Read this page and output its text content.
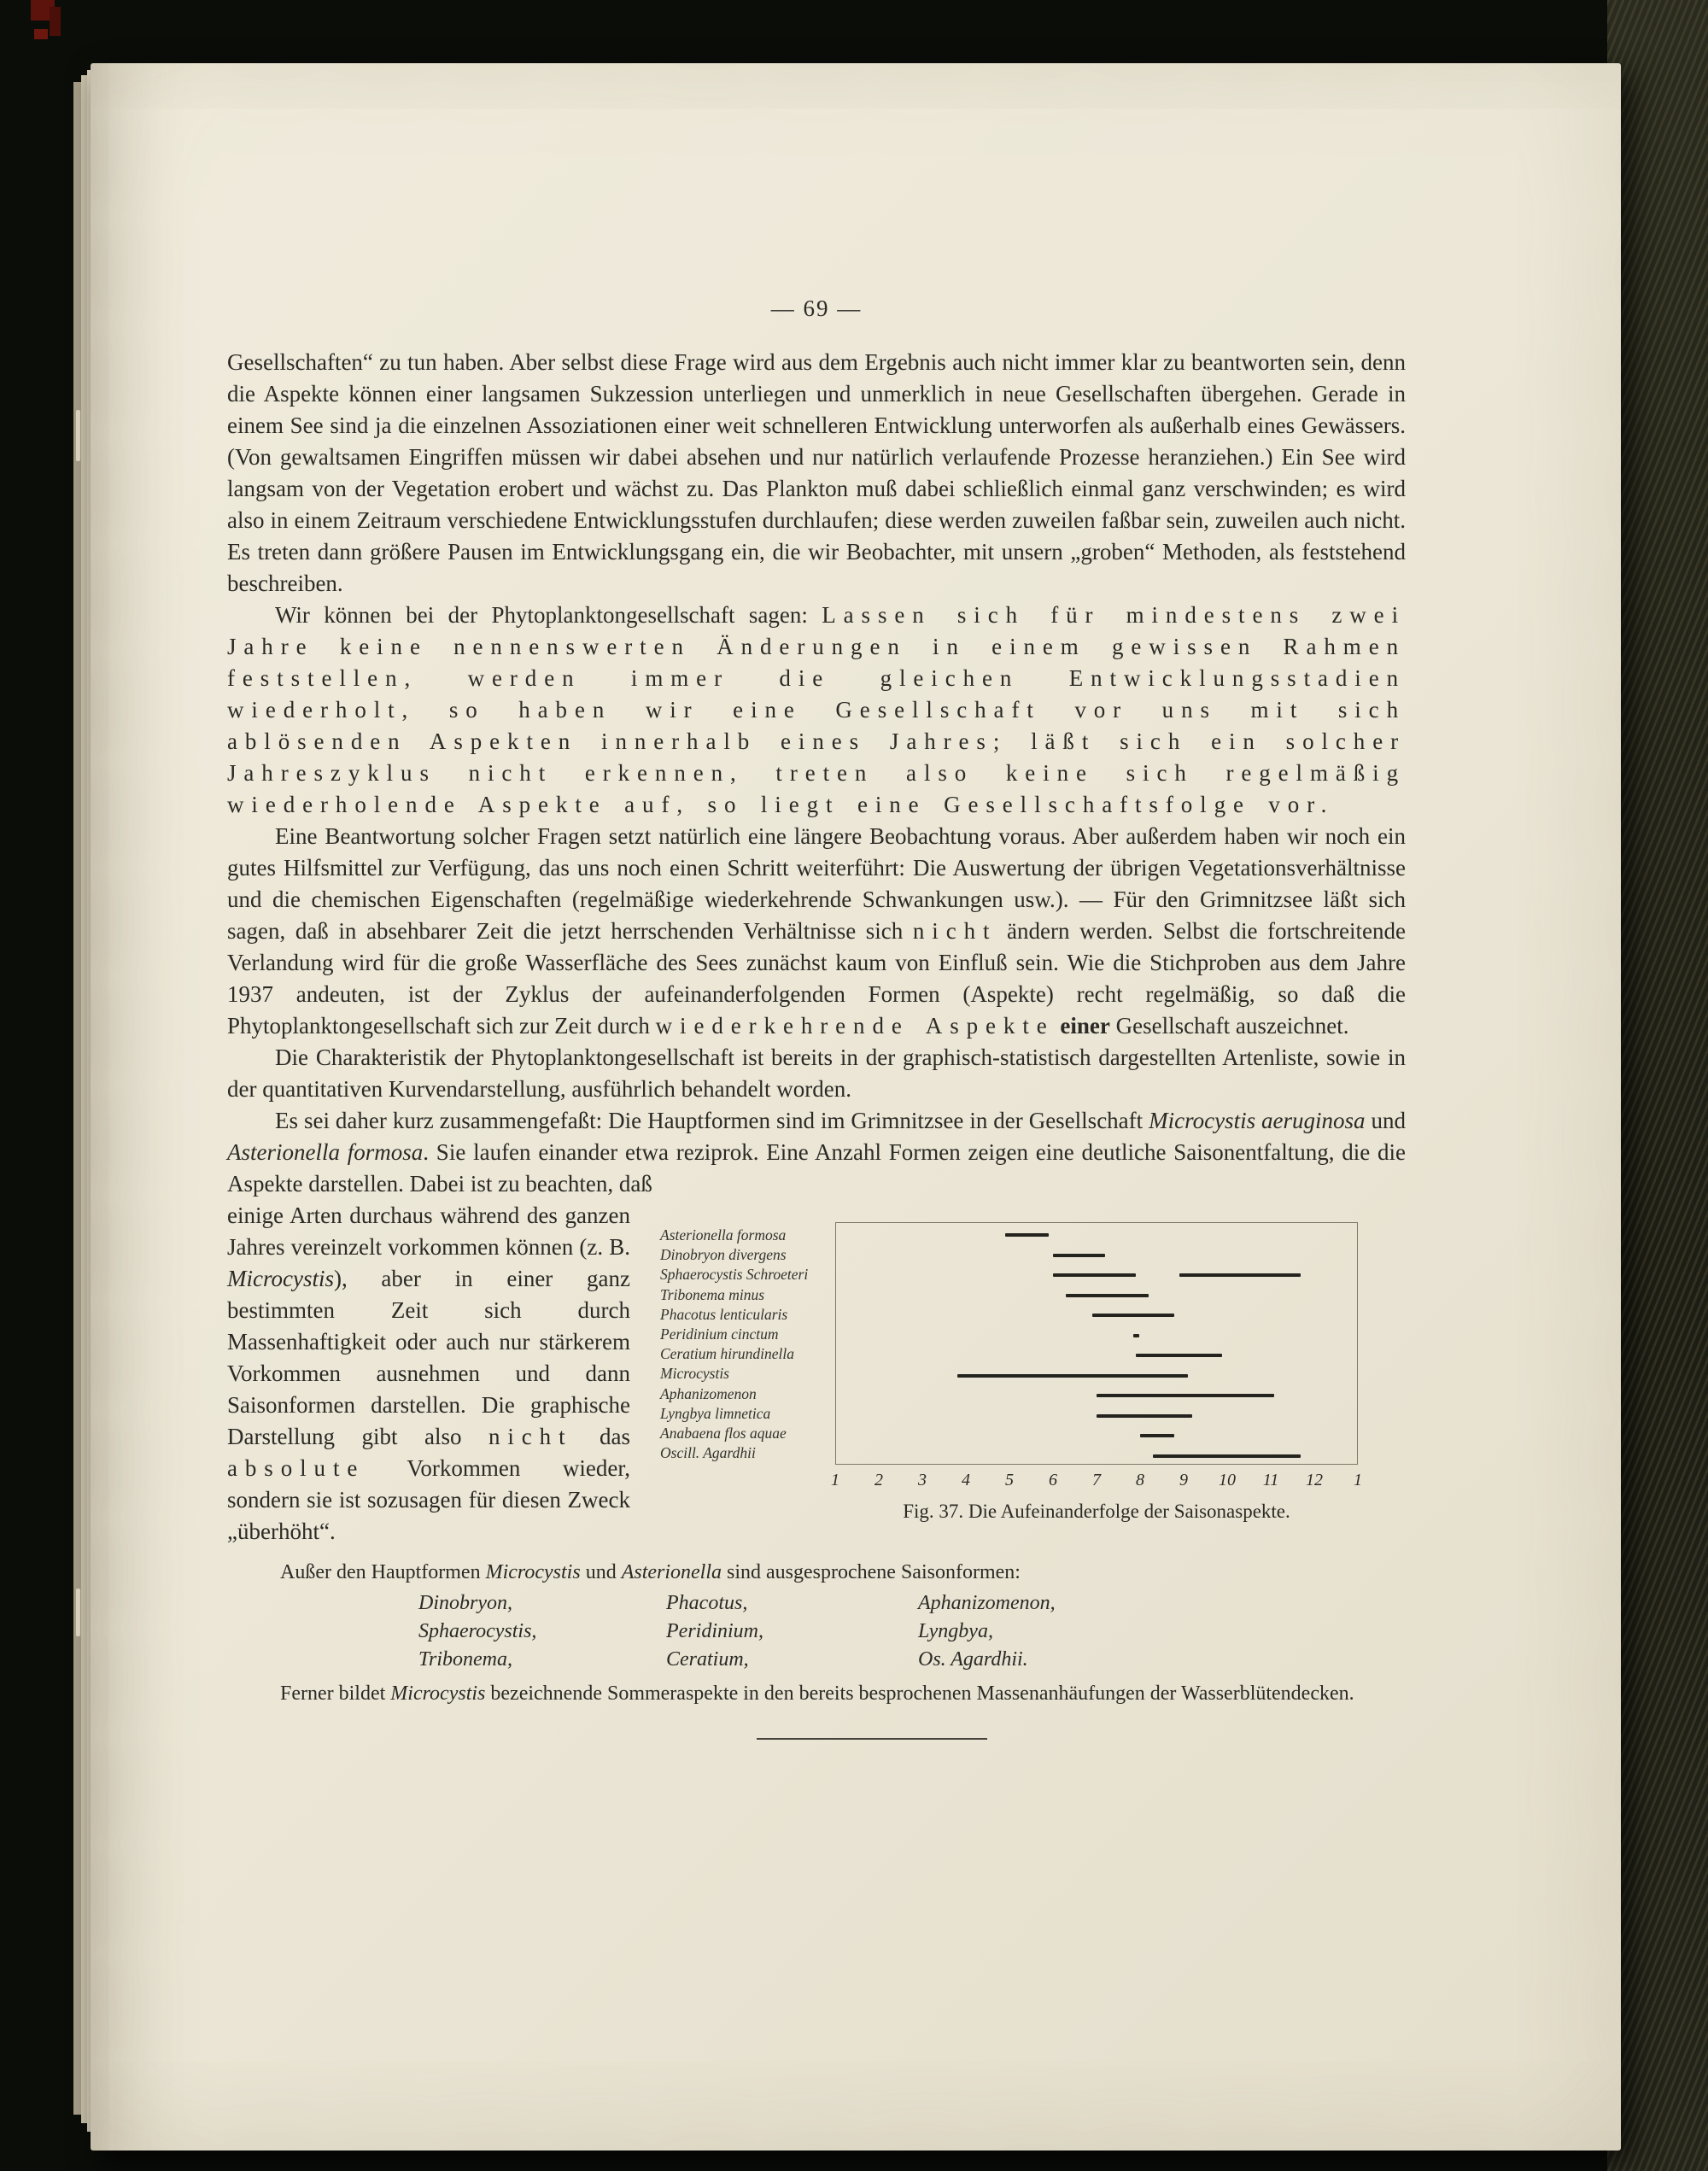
— 69 —

Gesellschaften“ zu tun haben. Aber selbst diese Frage wird aus dem Ergebnis auch nicht immer klar zu beantworten sein, denn die Aspekte können einer langsamen Sukzession unterliegen und unmerklich in neue Gesellschaften übergehen. Gerade in einem See sind ja die einzelnen Assoziationen einer weit schnelleren Entwicklung unterworfen als außerhalb eines Gewässers. (Von gewaltsamen Eingriffen müssen wir dabei absehen und nur natürlich verlaufende Prozesse heranziehen.) Ein See wird langsam von der Vegetation erobert und wächst zu. Das Plankton muß dabei schließlich einmal ganz verschwinden; es wird also in einem Zeitraum verschiedene Entwicklungsstufen durchlaufen; diese werden zuweilen faßbar sein, zuweilen auch nicht. Es treten dann größere Pausen im Entwicklungsgang ein, die wir Beobachter, mit unsern „groben“ Methoden, als feststehend beschreiben.

Wir können bei der Phytoplanktongesellschaft sagen: Lassen sich für mindestens zwei Jahre keine nennenswerten Änderungen in einem gewissen Rahmen feststellen, werden immer die gleichen Entwicklungsstadien wiederholt, so haben wir eine Gesellschaft vor uns mit sich ablösenden Aspekten innerhalb eines Jahres; läßt sich ein solcher Jahreszyklus nicht erkennen, treten also keine sich regelmäßig wiederholende Aspekte auf, so liegt eine Gesellschaftsfolge vor.

Eine Beantwortung solcher Fragen setzt natürlich eine längere Beobachtung voraus. Aber außerdem haben wir noch ein gutes Hilfsmittel zur Verfügung, das uns noch einen Schritt weiterführt: Die Auswertung der übrigen Vegetationsverhältnisse und die chemischen Eigenschaften (regelmäßige wiederkehrende Schwankungen usw.). — Für den Grimnitzsee läßt sich sagen, daß in absehbarer Zeit die jetzt herrschenden Verhältnisse sich nicht ändern werden. Selbst die fortschreitende Verlandung wird für die große Wasserfläche des Sees zunächst kaum von Einfluß sein. Wie die Stichproben aus dem Jahre 1937 andeuten, ist der Zyklus der aufeinanderfolgenden Formen (Aspekte) recht regelmäßig, so daß die Phytoplanktongesellschaft sich zur Zeit durch wiederkehrende Aspekte einer Gesellschaft auszeichnet.

Die Charakteristik der Phytoplanktongesellschaft ist bereits in der graphisch-statistisch dargestellten Artenliste, sowie in der quantitativen Kurvendarstellung, ausführlich behandelt worden.

Es sei daher kurz zusammengefaßt: Die Hauptformen sind im Grimnitzsee in der Gesellschaft Microcystis aeruginosa und Asterionella formosa. Sie laufen einander etwa reziprok. Eine Anzahl Formen zeigen eine deutliche Saisonentfaltung, die die Aspekte darstellen. Dabei ist zu beachten, daß

einige Arten durchaus während des ganzen Jahres vereinzelt vorkommen können (z. B. Microcystis), aber in einer ganz bestimmten Zeit sich durch Massenhaftigkeit oder auch nur stärkerem Vorkommen ausnehmen und dann Saisonformen darstellen. Die graphische Darstellung gibt also nicht das absolute Vorkommen wieder, sondern sie ist sozusagen für diesen Zweck „überhöht“.

Asterionella formosa
Dinobryon divergens
Sphaerocystis Schroeteri
Tribonema minus
Phacotus lenticularis
Peridinium cinctum
Ceratium hirundinella
Microcystis
Aphanizomenon
Lyngbya limnetica
Anabaena flos aquae
Oscill. Agardhii
1 2 3 4 5 6 7 8 9 10 11 12 1
Fig. 37. Die Aufeinanderfolge der Saisonaspekte.

Außer den Hauptformen Microcystis und Asterionella sind ausgesprochene Saisonformen:

Dinobryon,
Sphaerocystis,
Tribonema,
Phacotus,
Peridinium,
Ceratium,
Aphanizomenon,
Lyngbya,
Os. Agardhii.

Ferner bildet Microcystis bezeichnende Sommeraspekte in den bereits besprochenen Massenanhäufungen der Wasserblütendecken.
